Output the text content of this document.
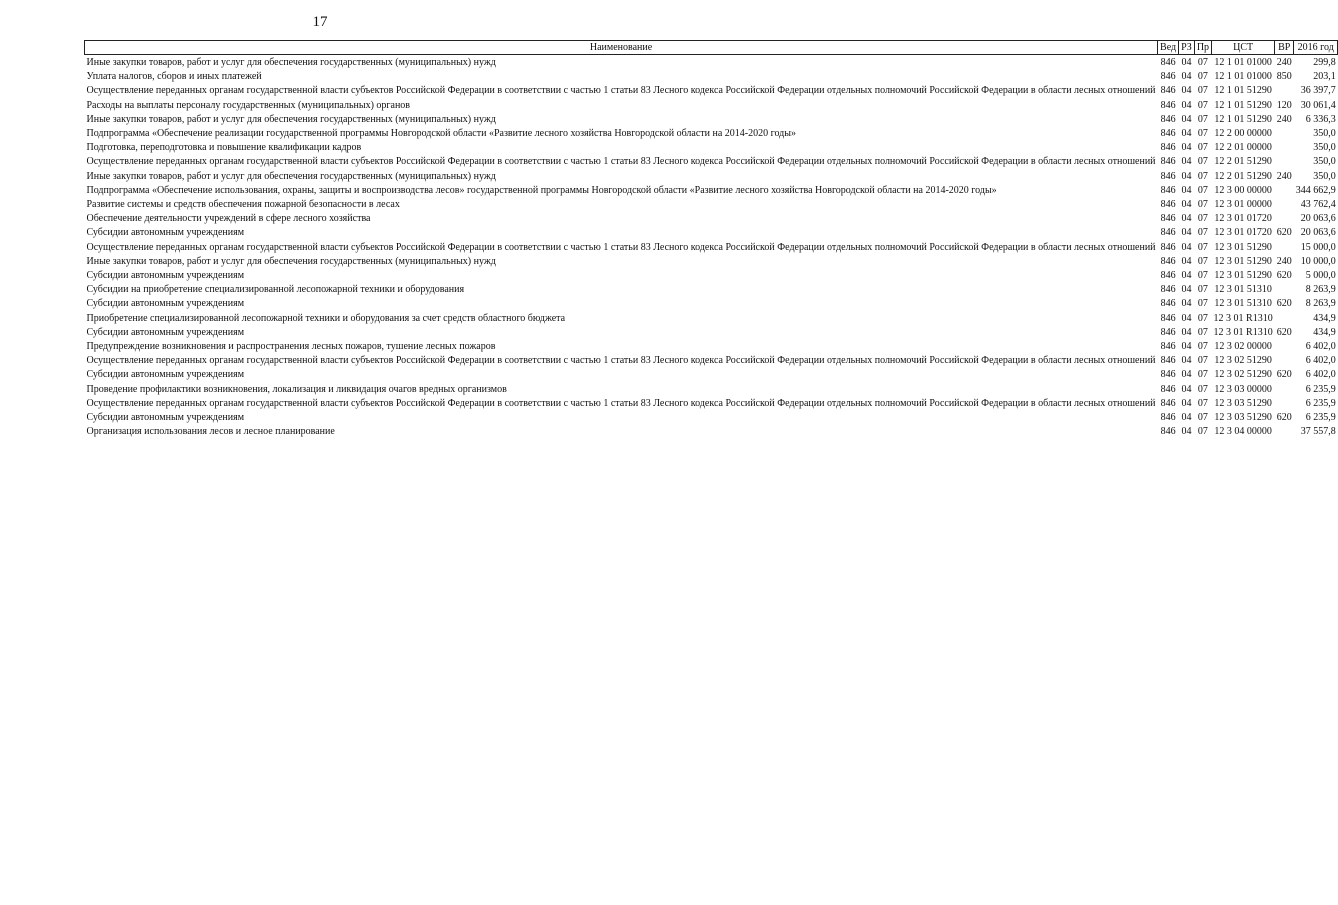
17
Наименование	Вед	РЗ	Пр	ЦСТ	ВР	2016 год
Иные закупки товаров, работ и услуг для обеспечения государственных (муниципальных) нужд	846	04	07	12 1 01 01000	240	299,8
Уплата налогов, сборов и иных платежей	846	04	07	12 1 01 01000	850	203,1
Осуществление переданных органам государственной власти субъектов Российской Федерации в соответствии с частью 1 статьи 83 Лесного кодекса Российской Федерации отдельных полномочий Российской Федерации в области лесных отношений	846	04	07	12 1 01 51290		36 397,7
Расходы на выплаты персоналу государственных (муниципальных) органов	846	04	07	12 1 01 51290	120	30 061,4
Иные закупки товаров, работ и услуг для обеспечения государственных (муниципальных) нужд	846	04	07	12 1 01 51290	240	6 336,3
Подпрограмма «Обеспечение реализации государственной программы Новгородской области «Развитие лесного хозяйства Новгородской области на 2014-2020 годы»	846	04	07	12 2 00 00000		350,0
Подготовка, переподготовка и повышение квалификации кадров	846	04	07	12 2 01 00000		350,0
Осуществление переданных органам государственной власти субъектов Российской Федерации в соответствии с частью 1 статьи 83 Лесного кодекса Российской Федерации отдельных полномочий Российской Федерации в области лесных отношений	846	04	07	12 2 01 51290		350,0
Иные закупки товаров, работ и услуг для обеспечения государственных (муниципальных) нужд	846	04	07	12 2 01 51290	240	350,0
Подпрограмма «Обеспечение использования, охраны, защиты и воспроизводства лесов» государственной программы Новгородской области «Развитие лесного хозяйства Новгородской области на 2014-2020 годы»	846	04	07	12 3 00 00000		344 662,9
Развитие системы и средств обеспечения пожарной безопасности в лесах	846	04	07	12 3 01 00000		43 762,4
Обеспечение деятельности учреждений в сфере лесного хозяйства	846	04	07	12 3 01 01720		20 063,6
Субсидии автономным учреждениям	846	04	07	12 3 01 01720	620	20 063,6
Осуществление переданных органам государственной власти субъектов Российской Федерации в соответствии с частью 1 статьи 83 Лесного кодекса Российской Федерации отдельных полномочий Российской Федерации в области лесных отношений	846	04	07	12 3 01 51290		15 000,0
Иные закупки товаров, работ и услуг для обеспечения государственных (муниципальных) нужд	846	04	07	12 3 01 51290	240	10 000,0
Субсидии автономным учреждениям	846	04	07	12 3 01 51290	620	5 000,0
Субсидии на приобретение специализированной лесопожарной техники и оборудования	846	04	07	12 3 01 51310		8 263,9
Субсидии автономным учреждениям	846	04	07	12 3 01 51310	620	8 263,9
Приобретение специализированной лесопожарной техники и оборудования за счет средств областного бюджета	846	04	07	12 3 01 R1310		434,9
Субсидии автономным учреждениям	846	04	07	12 3 01 R1310	620	434,9
Предупреждение возникновения и распространения лесных пожаров, тушение лесных пожаров	846	04	07	12 3 02 00000		6 402,0
Осуществление переданных органам государственной власти субъектов Российской Федерации в соответствии с частью 1 статьи 83 Лесного кодекса Российской Федерации отдельных полномочий Российской Федерации в области лесных отношений	846	04	07	12 3 02 51290		6 402,0
Субсидии автономным учреждениям	846	04	07	12 3 02 51290	620	6 402,0
Проведение профилактики возникновения, локализация и ликвидация очагов вредных организмов	846	04	07	12 3 03 00000		6 235,9
Осуществление переданных органам государственной власти субъектов Российской Федерации в соответствии с частью 1 статьи 83 Лесного кодекса Российской Федерации отдельных полномочий Российской Федерации в области лесных отношений	846	04	07	12 3 03 51290		6 235,9
Субсидии автономным учреждениям	846	04	07	12 3 03 51290	620	6 235,9
Организация использования лесов и лесное планирование	846	04	07	12 3 04 00000		37 557,8
